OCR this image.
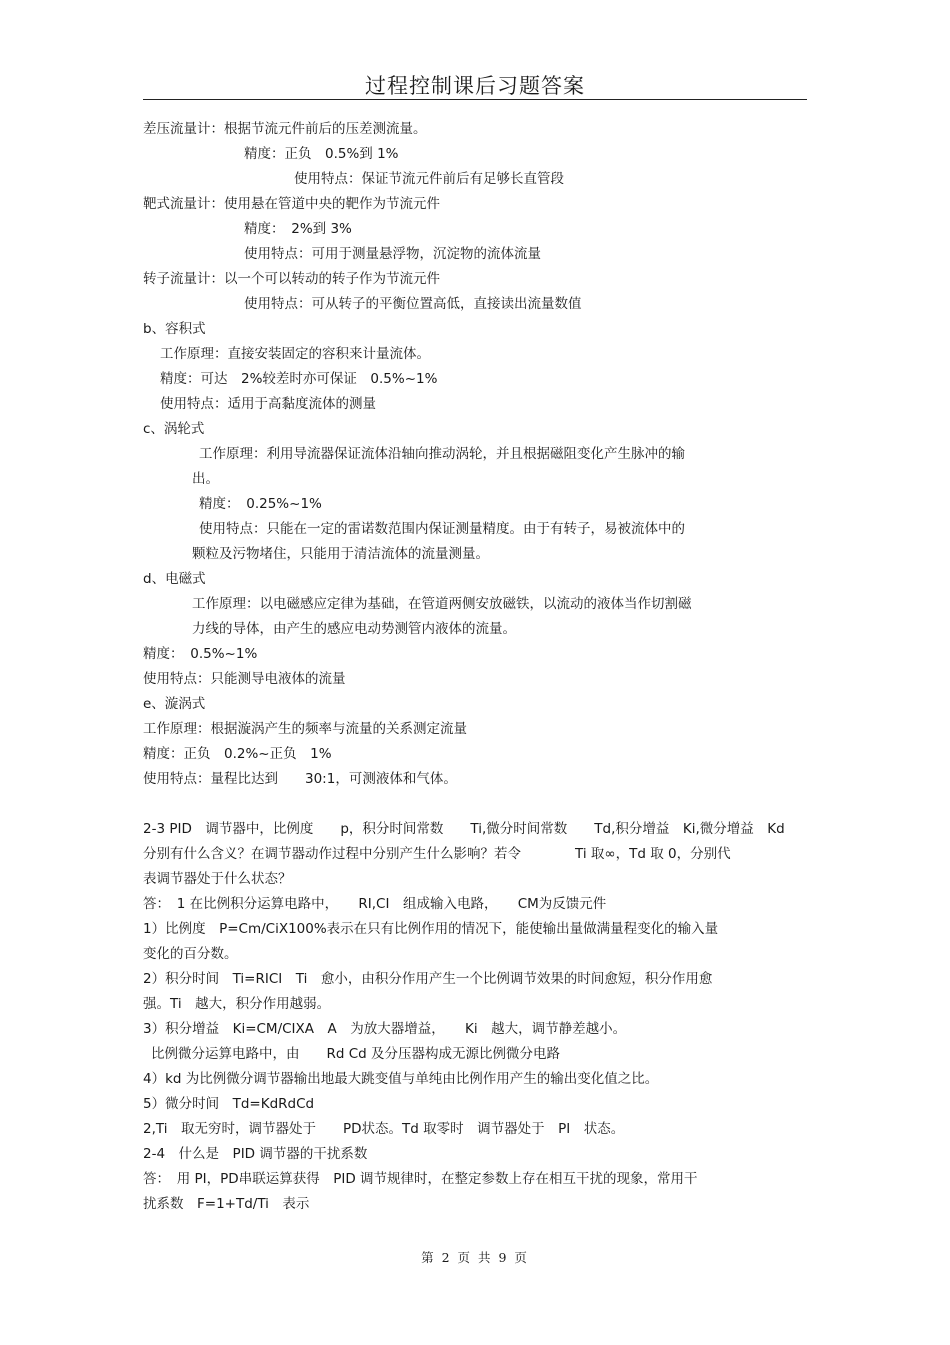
过程控制课后习题答案
差压流量计：根据节流元件前后的压差测流量。
精度：正负　0.5%到 1%
使用特点：保证节流元件前后有足够长直管段
靶式流量计：使用悬在管道中央的靶作为节流元件
精度：　2%到 3%
使用特点：可用于测量悬浮物，沉淀物的流体流量
转子流量计：以一个可以转动的转子作为节流元件
使用特点：可从转子的平衡位置高低，直接读出流量数值
b、容积式
工作原理：直接安装固定的容积来计量流体。
精度：可达　2%较差时亦可保证　0.5%~1%
使用特点：适用于高黏度流体的测量
c、涡轮式
工作原理：利用导流器保证流体沿轴向推动涡轮，并且根据磁阻变化产生脉冲的输
出。
精度：　0.25%~1%
使用特点：只能在一定的雷诺数范围内保证测量精度。由于有转子，易被流体中的
颗粒及污物堵住，只能用于清洁流体的流量测量。
d、电磁式
工作原理：以电磁感应定律为基础，在管道两侧安放磁铁，以流动的液体当作切割磁
力线的导体，由产生的感应电动势测管内液体的流量。
精度：　0.5%~1%
使用特点：只能测导电液体的流量
e、漩涡式
工作原理：根据漩涡产生的频率与流量的关系测定流量
精度：正负　0.2%~正负　1%
使用特点：量程比达到　　30:1，可测液体和气体。
2-3 PID　调节器中，比例度　　p，积分时间常数　　Ti,微分时间常数　　Td,积分增益　Ki,微分增益　Kd
分别有什么含义？在调节器动作过程中分别产生什么影响？若令　　　　Ti 取∞，Td 取 0，分别代
表调节器处于什么状态？
答：　1 在比例积分运算电路中，　　RI,CI　组成输入电路，　　CM为反馈元件
1）比例度　P=Cm/CiX100%表示在只有比例作用的情况下，能使输出量做满量程变化的输入量
变化的百分数。
2）积分时间　Ti=RICI　Ti　愈小，由积分作用产生一个比例调节效果的时间愈短，积分作用愈
强。Ti　越大，积分作用越弱。
3）积分增益　Ki=CM/CIXA　A　为放大器增益，　　Ki　越大，调节静差越小。
比例微分运算电路中，由　　Rd Cd 及分压器构成无源比例微分电路
4）kd 为比例微分调节器输出地最大跳变值与单纯由比例作用产生的输出变化值之比。
5）微分时间　Td=KdRdCd
2,Ti　取无穷时，调节器处于　　PD状态。Td 取零时　调节器处于　PI　状态。
2-4　什么是　PID 调节器的干扰系数
答：　用 PI，PD串联运算获得　PID 调节规律时，在整定参数上存在相互干扰的现象，常用干
扰系数　F=1+Td/Ti　表示
第 2 页 共 9 页
